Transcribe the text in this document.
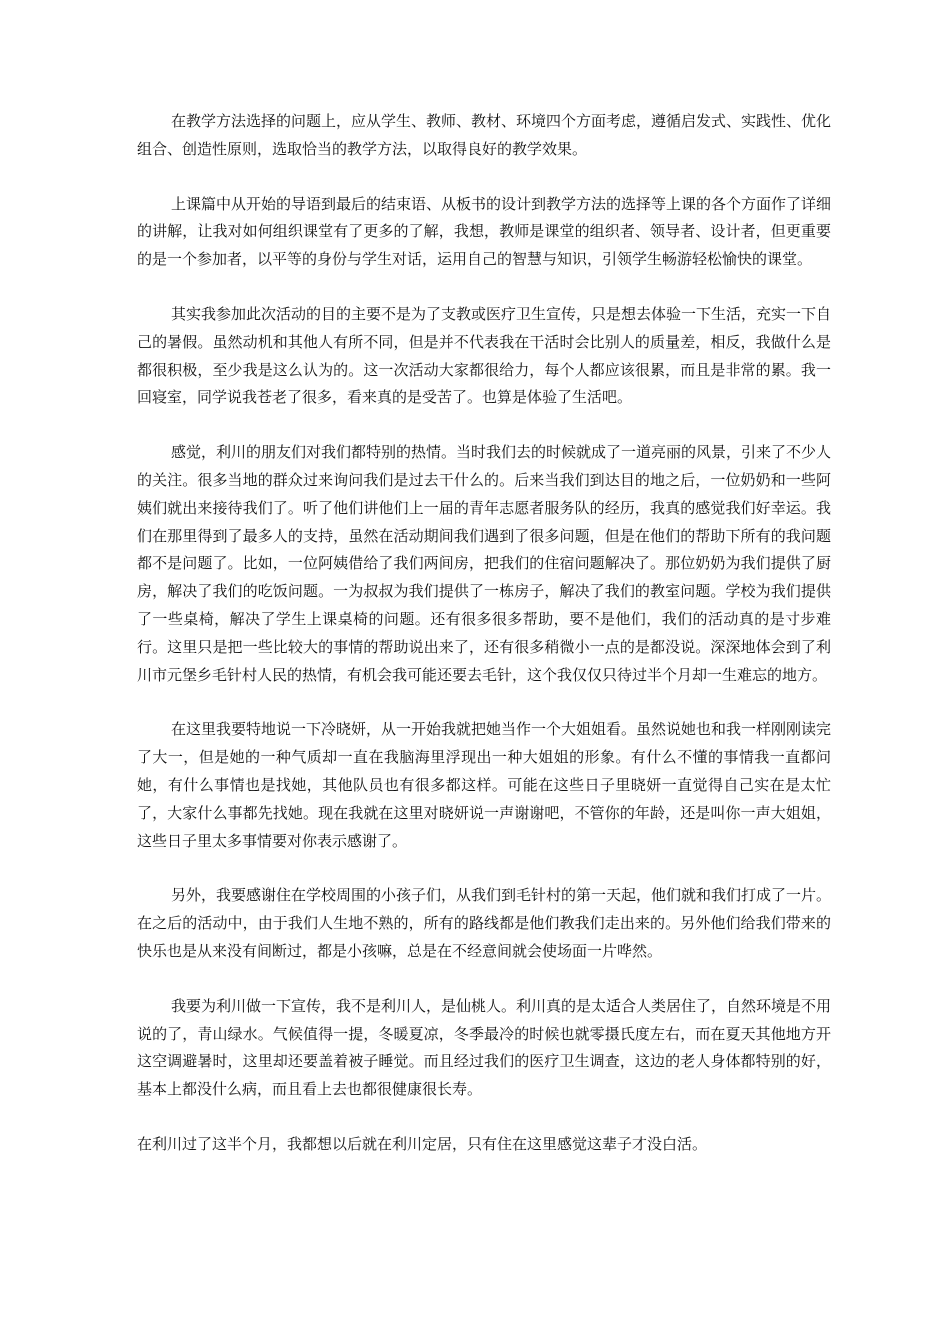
在教学方法选择的问题上，应从学生、教师、教材、环境四个方面考虑，遵循启发式、实践性、优化组合、创造性原则，选取恰当的教学方法，以取得良好的教学效果。

上课篇中从开始的导语到最后的结束语、从板书的设计到教学方法的选择等上课的各个方面作了详细的讲解，让我对如何组织课堂有了更多的了解，我想，教师是课堂的组织者、领导者、设计者，但更重要的是一个参加者，以平等的身份与学生对话，运用自己的智慧与知识，引领学生畅游轻松愉快的课堂。

其实我参加此次活动的目的主要不是为了支教或医疗卫生宣传，只是想去体验一下生活，充实一下自己的暑假。虽然动机和其他人有所不同，但是并不代表我在干活时会比别人的质量差，相反，我做什么是都很积极，至少我是这么认为的。这一次活动大家都很给力，每个人都应该很累，而且是非常的累。我一回寝室，同学说我苍老了很多，看来真的是受苦了。也算是体验了生活吧。

感觉，利川的朋友们对我们都特别的热情。当时我们去的时候就成了一道亮丽的风景，引来了不少人的关注。很多当地的群众过来询问我们是过去干什么的。后来当我们到达目的地之后，一位奶奶和一些阿姨们就出来接待我们了。听了他们讲他们上一届的青年志愿者服务队的经历，我真的感觉我们好幸运。我们在那里得到了最多人的支持，虽然在活动期间我们遇到了很多问题，但是在他们的帮助下所有的我问题都不是问题了。比如，一位阿姨借给了我们两间房，把我们的住宿问题解决了。那位奶奶为我们提供了厨房，解决了我们的吃饭问题。一为叔叔为我们提供了一栋房子，解决了我们的教室问题。学校为我们提供了一些桌椅，解决了学生上课桌椅的问题。还有很多很多帮助，要不是他们，我们的活动真的是寸步难行。这里只是把一些比较大的事情的帮助说出来了，还有很多稍微小一点的是都没说。深深地体会到了利川市元堡乡毛针村人民的热情，有机会我可能还要去毛针，这个我仅仅只待过半个月却一生难忘的地方。

在这里我要特地说一下冷晓妍，从一开始我就把她当作一个大姐姐看。虽然说她也和我一样刚刚读完了大一，但是她的一种气质却一直在我脑海里浮现出一种大姐姐的形象。有什么不懂的事情我一直都问她，有什么事情也是找她，其他队员也有很多都这样。可能在这些日子里晓妍一直觉得自己实在是太忙了，大家什么事都先找她。现在我就在这里对晓妍说一声谢谢吧，不管你的年龄，还是叫你一声大姐姐，这些日子里太多事情要对你表示感谢了。

另外，我要感谢住在学校周围的小孩子们，从我们到毛针村的第一天起，他们就和我们打成了一片。在之后的活动中，由于我们人生地不熟的，所有的路线都是他们教我们走出来的。另外他们给我们带来的快乐也是从来没有间断过，都是小孩嘛，总是在不经意间就会使场面一片哗然。

我要为利川做一下宣传，我不是利川人，是仙桃人。利川真的是太适合人类居住了，自然环境是不用说的了，青山绿水。气候值得一提，冬暖夏凉，冬季最冷的时候也就零摄氏度左右，而在夏天其他地方开这空调避暑时，这里却还要盖着被子睡觉。而且经过我们的医疗卫生调查，这边的老人身体都特别的好，基本上都没什么病，而且看上去也都很健康很长寿。

在利川过了这半个月，我都想以后就在利川定居，只有住在这里感觉这辈子才没白活。
